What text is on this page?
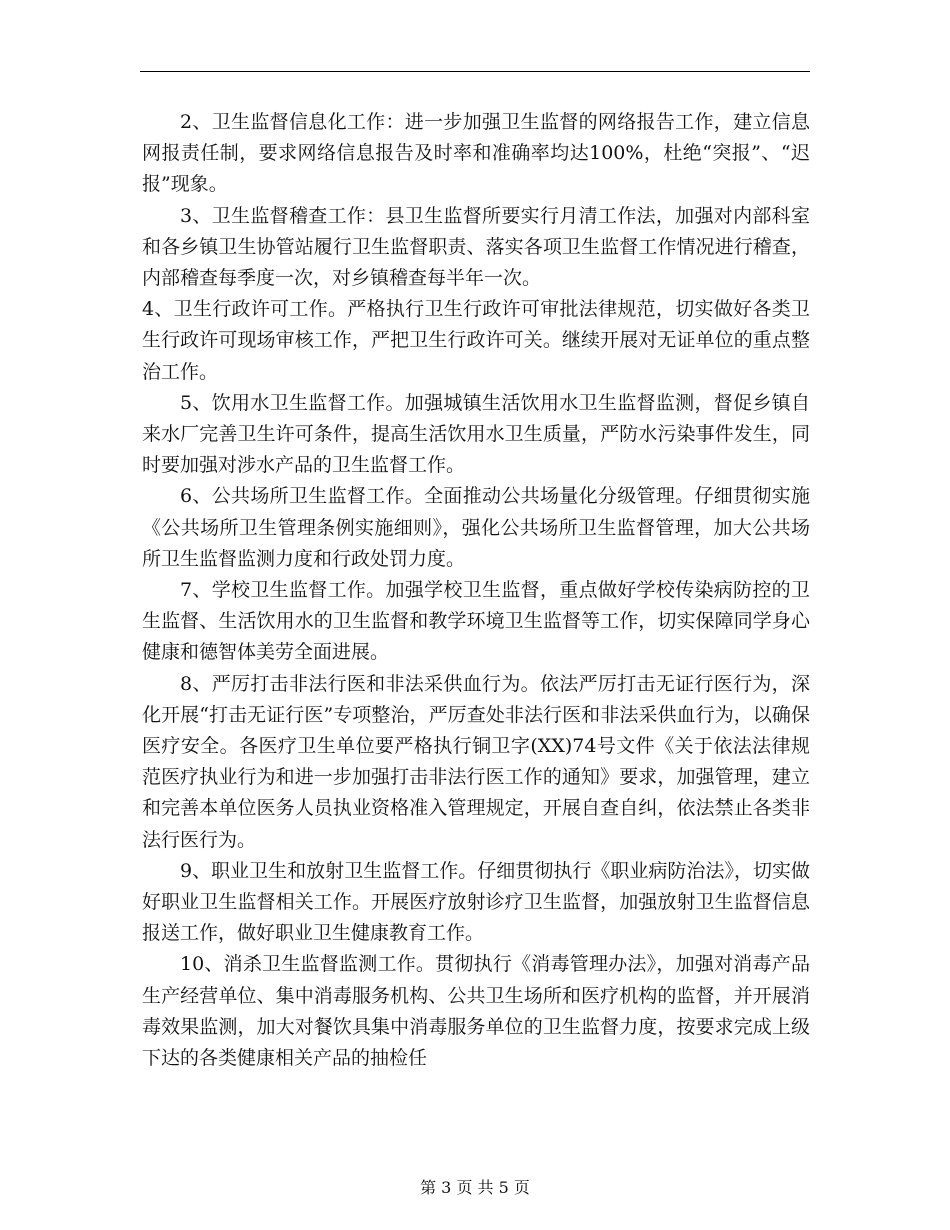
2、卫生监督信息化工作：进一步加强卫生监督的网络报告工作，建立信息网报责任制，要求网络信息报告及时率和准确率均达100%，杜绝“突报”、“迟报”现象。

3、卫生监督稽查工作：县卫生监督所要实行月清工作法，加强对内部科室和各乡镇卫生协管站履行卫生监督职责、落实各项卫生监督工作情况进行稽查，内部稽查每季度一次，对乡镇稽查每半年一次。

4、卫生行政许可工作。严格执行卫生行政许可审批法律规范，切实做好各类卫生行政许可现场审核工作，严把卫生行政许可关。继续开展对无证单位的重点整治工作。

5、饮用水卫生监督工作。加强城镇生活饮用水卫生监督监测，督促乡镇自来水厂完善卫生许可条件，提高生活饮用水卫生质量，严防水污染事件发生，同时要加强对涉水产品的卫生监督工作。

6、公共场所卫生监督工作。全面推动公共场量化分级管理。仔细贯彻实施《公共场所卫生管理条例实施细则》，强化公共场所卫生监督管理，加大公共场所卫生监督监测力度和行政处罚力度。

7、学校卫生监督工作。加强学校卫生监督，重点做好学校传染病防控的卫生监督、生活饮用水的卫生监督和教学环境卫生监督等工作，切实保障同学身心健康和德智体美劳全面进展。

8、严厉打击非法行医和非法采供血行为。依法严厉打击无证行医行为，深化开展“打击无证行医”专项整治，严厉查处非法行医和非法采供血行为，以确保医疗安全。各医疗卫生单位要严格执行铜卫字(XX)74号文件《关于依法法律规范医疗执业行为和进一步加强打击非法行医工作的通知》要求，加强管理，建立和完善本单位医务人员执业资格准入管理规定，开展自查自纠，依法禁止各类非法行医行为。

9、职业卫生和放射卫生监督工作。仔细贯彻执行《职业病防治法》，切实做好职业卫生监督相关工作。开展医疗放射诊疗卫生监督，加强放射卫生监督信息报送工作，做好职业卫生健康教育工作。

10、消杀卫生监督监测工作。贯彻执行《消毒管理办法》，加强对消毒产品生产经营单位、集中消毒服务机构、公共卫生场所和医疗机构的监督，并开展消毒效果监测，加大对餐饮具集中消毒服务单位的卫生监督力度，按要求完成上级下达的各类健康相关产品的抽检任

第 3 页 共 5 页
